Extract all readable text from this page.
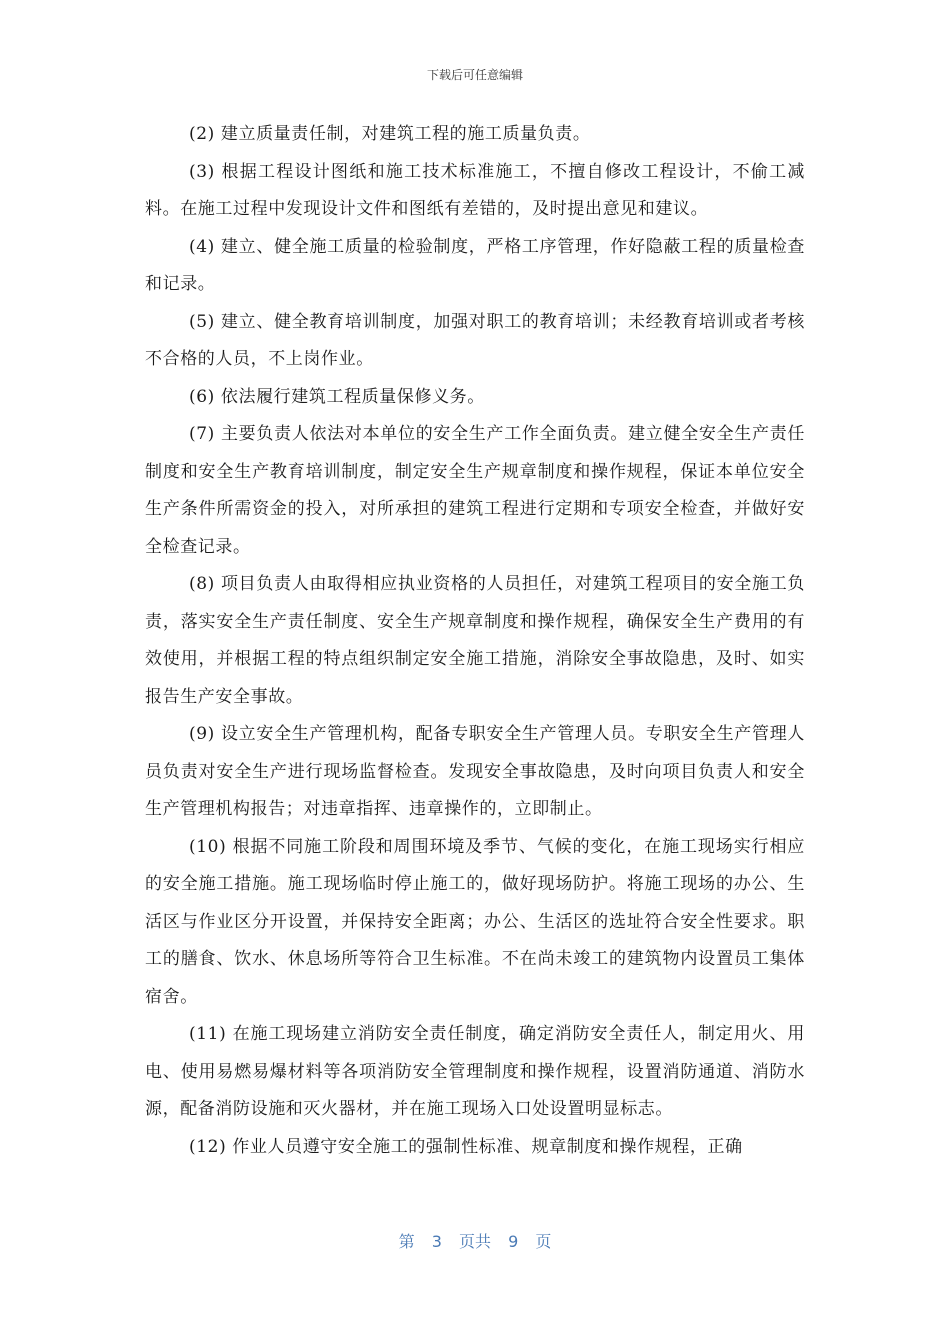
下载后可任意编辑

(2) 建立质量责任制，对建筑工程的施工质量负责。

(3) 根据工程设计图纸和施工技术标准施工，不擅自修改工程设计，不偷工减料。在施工过程中发现设计文件和图纸有差错的，及时提出意见和建议。

(4) 建立、健全施工质量的检验制度，严格工序管理，作好隐蔽工程的质量检查和记录。

(5) 建立、健全教育培训制度，加强对职工的教育培训；未经教育培训或者考核不合格的人员，不上岗作业。

(6) 依法履行建筑工程质量保修义务。

(7) 主要负责人依法对本单位的安全生产工作全面负责。建立健全安全生产责任制度和安全生产教育培训制度，制定安全生产规章制度和操作规程，保证本单位安全生产条件所需资金的投入，对所承担的建筑工程进行定期和专项安全检查，并做好安全检查记录。

(8) 项目负责人由取得相应执业资格的人员担任，对建筑工程项目的安全施工负责，落实安全生产责任制度、安全生产规章制度和操作规程，确保安全生产费用的有效使用，并根据工程的特点组织制定安全施工措施，消除安全事故隐患，及时、如实报告生产安全事故。

(9) 设立安全生产管理机构，配备专职安全生产管理人员。专职安全生产管理人员负责对安全生产进行现场监督检查。发现安全事故隐患，及时向项目负责人和安全生产管理机构报告；对违章指挥、违章操作的，立即制止。

(10) 根据不同施工阶段和周围环境及季节、气候的变化，在施工现场实行相应的安全施工措施。施工现场临时停止施工的，做好现场防护。将施工现场的办公、生活区与作业区分开设置，并保持安全距离；办公、生活区的选址符合安全性要求。职工的膳食、饮水、休息场所等符合卫生标准。不在尚未竣工的建筑物内设置员工集体宿舍。

(11) 在施工现场建立消防安全责任制度，确定消防安全责任人，制定用火、用电、使用易燃易爆材料等各项消防安全管理制度和操作规程，设置消防通道、消防水源，配备消防设施和灭火器材，并在施工现场入口处设置明显标志。

(12) 作业人员遵守安全施工的强制性标准、规章制度和操作规程，正确

第 3 页共 9 页
